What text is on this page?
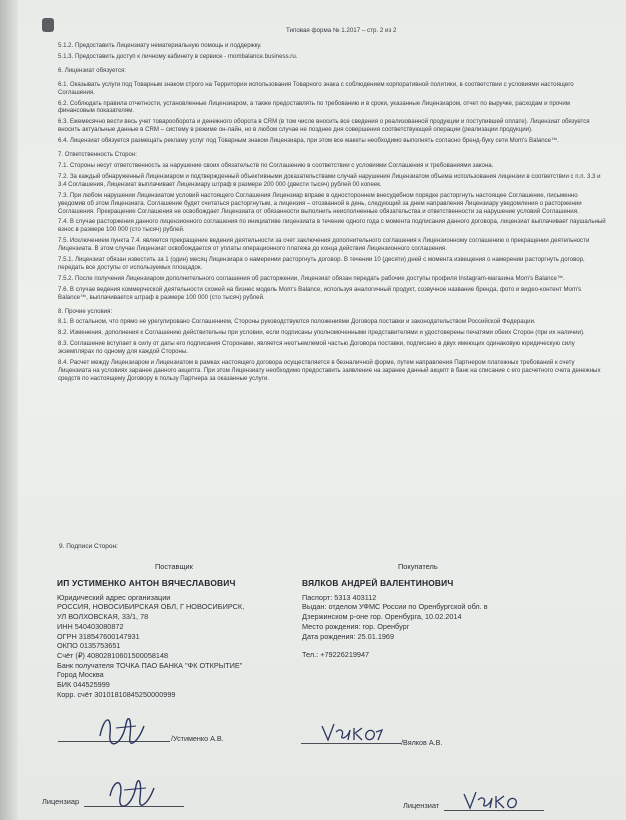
Типовая форма № 1.2017 – стр. 2 из 2

5.1.2. Предоставить Лицензиату нематериальную помощь и поддержку.

5.1.3. Предоставить доступ к личному кабинету в сервисе - mombalance.business.ru.

6. Лицензиат обязуется:

6.1. Оказывать услуги под Товарным знаком строго на Территории использования Товарного знака с соблюдением корпоративной политики, в соответствии с условиями настоящего Соглашения.

6.2. Соблюдать правила отчетности, установленные Лицензиаром, а также предоставлять по требованию и в сроки, указанные Лицензиаром, отчет по выручке, расходам и прочим финансовым показателям.

6.3. Ежемесячно вести весь учет товарооборота и денежного оборота в CRM (в том числе вносить все сведения о реализованной продукции и поступившей оплате). Лицензиат обязуется вносить актуальные данные в CRM – систему в режиме он-лайн, но в любом случае не позднее дня совершения соответствующей операции (реализации продукции).

6.4. Лицензиат обязуется размещать рекламу услуг под Товарным знаком Лицензиара, при этом все макеты необходимо выполнять согласно бренд-буку сети Mom's Balance™.

7. Ответственность Сторон:

7.1. Стороны несут ответственность за нарушение своих обязательств по Соглашению в соответствии с условиями Соглашения и требованиями закона.

7.2. За каждый обнаруженный Лицензиаром и подтвержденный объективными доказательствами случай нарушения Лицензиатом объема использования лицензии в соответствии с п.п. 3.3 и 3.4 Соглашения, Лицензиат выплачивает Лицензиару штраф в размере 200 000 (двести тысяч) рублей 00 копеек.

7.3. При любом нарушении Лицензиатом условий настоящего Соглашения Лицензиар вправе в одностороннем внесудебном порядке расторгнуть настоящее Соглашение, письменно уведомив об этом Лицензиата. Соглашение будет считаться расторгнутым, а лицензия – отозванной в день, следующий за днем направления Лицензиару уведомления о расторжении Соглашения. Прекращение Соглашения не освобождает Лицензиата от обязанности выполнить неисполненные обязательства и ответственности за нарушение условий Соглашения.

7.4. В случае расторжения данного лицензионного соглашения по инициативе лицензиата в течение одного года с момента подписания данного договора, лицензиат выплачивает паушальный взнос в размере 100 000 (сто тысяч) рублей.

7.5. Исключением пункта 7.4. является прекращение ведения деятельности за счет заключения дополнительного соглашения к Лицензионному соглашению о прекращении деятельности Лицензиата. В этом случае Лицензиат освобождается от уплаты операционного платежа до конца действия Лицензионного соглашения.

7.5.1. Лицензиат обязан известить за 1 (один) месяц Лицензиара о намерении расторгнуть договор. В течении 10 (десяти) дней с момента извещения о намерении расторгнуть договор, передать все доступы от используемых площадок.

7.5.2. После получения Лицензиаром дополнительного соглашения об расторжении, Лицензиат обязан передать рабочие доступы профиля Instagram-магазина Mom's Balance™.

7.6. В случае ведения коммерческой деятельности схожей на бизнес модель Mom's Balance, используя аналогичный продукт, созвучное название бренда, фото и видео-контент Mom's Balance™, выплачивается штраф в размере 100 000 (сто тысяч) рублей.

8. Прочие условия:

8.1. В остальном, что прямо не урегулировано Соглашением, Стороны руководствуются положениями Договора поставки и законодательством Российской Федерации.

8.2. Изменения, дополнения к Соглашению действительны при условии, если подписаны уполномоченными представителями и удостоверены печатями обеих Сторон (при их наличии).

8.3. Соглашение вступает в силу от даты его подписания Сторонами, является неотъемлемой частью Договора поставки, подписано в двух имеющих одинаковую юридическую силу экземплярах по одному для каждой Стороны.

8.4. Расчет между Лицензиаром и Лицензиатом в рамках настоящего договора осуществляется в безналичной форме, путем направления Партнером платежных требований к счету Лицензиата на условиях заранее данного акцепта. При этом Лицензиату необходимо предоставить заявление на заранее данный акцепт в банк на списание с его расчетного счета денежных средств по настоящему Договору в пользу Партнера за оказанные услуги.

9. Подписи Сторон:
Поставщик	Покупатель
ИП УСТИМЕНКО АНТОН ВЯЧЕСЛАВОВИЧ
Юридический адрес организации
РОССИЯ, НОВОСИБИРСКАЯ ОБЛ, Г НОВОСИБИРСК,
УЛ ВОЛХОВСКАЯ, 33/1, 78
ИНН 540403080872
ОГРН 318547600147931
ОКПО 0135753651
Счёт (₽) 40802810601500058148
Банк получателя ТОЧКА ПАО БАНКА "ФК ОТКРЫТИЕ"
Город Москва
БИК 044525999
Корр. счёт 30101810845250000999
ВЯЛКОВ АНДРЕЙ ВАЛЕНТИНОВИЧ
Паспорт: 5313 403112
Выдан: отделом УФМС России по Оренбургской обл. в
Дзержинском р-оне гор. Оренбурга, 10.02.2014
Место рождения: гор. Оренбург
Дата рождения: 25.01.1969
Тел.: +79226219947
/Устименко А.В.	/Вялков А.В.
Лицензиар	Лицензиат
